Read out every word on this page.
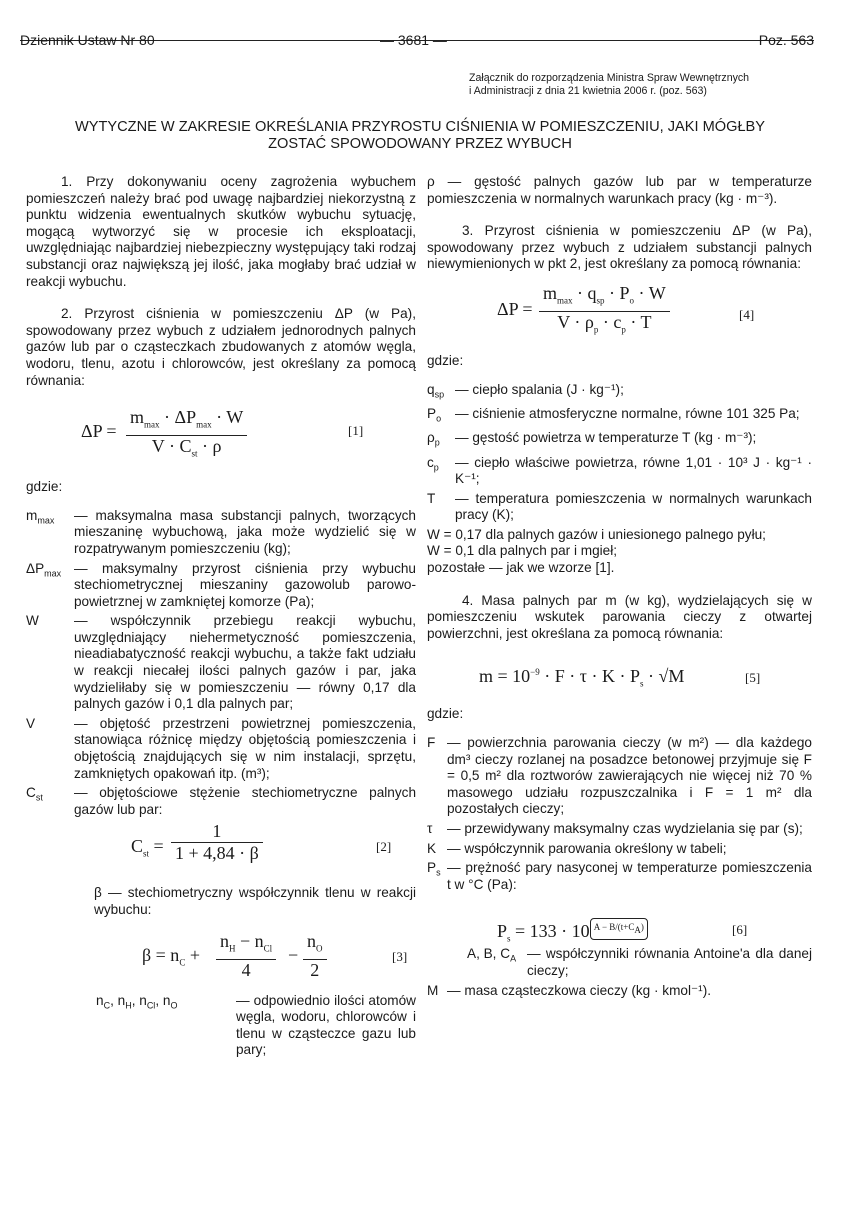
Dziennik Ustaw Nr 80	— 3681 —	Poz. 563
Załącznik do rozporządzenia Ministra Spraw Wewnętrznych
i Administracji z dnia 21 kwietnia 2006 r. (poz. 563)
WYTYCZNE W ZAKRESIE OKREŚLANIA PRZYROSTU CIŚNIENIA W POMIESZCZENIU, JAKI MÓGŁBY
ZOSTAĆ SPOWODOWANY PRZEZ WYBUCH

1. Przy dokonywaniu oceny zagrożenia wybuchem pomieszczeń należy brać pod uwagę najbardziej niekorzystną z punktu widzenia ewentualnych skutków wybuchu sytuację, mogącą wytworzyć się w procesie ich eksploatacji, uwzględniając najbardziej niebezpieczny występujący taki rodzaj substancji oraz największą jej ilość, jaka mogłaby brać udział w reakcji wybuchu.

2. Przyrost ciśnienia w pomieszczeniu ΔP (w Pa), spowodowany przez wybuch z udziałem jednorodnych palnych gazów lub par o cząsteczkach zbudowanych z atomów węgla, wodoru, tlenu, azotu i chlorowców, jest określany za pomocą równania:

ΔP =
$m_{max} \cdot \Delta P_{max} \cdot W$
$V \cdot C_{st} \cdot \rho$
[1]

gdzie:

$m_{max}$	— maksymalna masa substancji palnych, tworzących mieszaninę wybuchową, jaka może wydzielić się w rozpatrywanym pomieszczeniu (kg);
$\Delta P_{max}$ — maksymalny przyrost ciśnienia przy wybuchu stechiometrycznej mieszaniny gazowolub parowo-powietrznej w zamkniętej komorze (Pa);
W	— współczynnik przebiegu reakcji wybuchu, uwzględniający niehermetyczność pomieszczenia, nieadiabatyczność reakcji wybuchu, a także fakt udziału w reakcji niecałej ilości palnych gazów i par, jaka wydzieliłaby się w pomieszczeniu — równy 0,17 dla palnych gazów i 0,1 dla palnych par;
V	— objętość przestrzeni powietrznej pomieszczenia, stanowiąca różnicę między objętością pomieszczenia i objętością znajdujących się w nim instalacji, sprzętu, zamkniętych opakowań itp. (m³);
$C_{st}$	— objętościowe stężenie stechiometryczne palnych gazów lub par:
$C_{st} = \frac{1}{1 + 4,84 \cdot \beta}$	[2]

β — stechiometryczny współczynnik tlenu w reakcji wybuchu:

$\beta = n_C$ +
$n_H - n_{Cl}$
4
− $\frac{n_O}{2}$	[3]
$n_C$, $n_H$, $n_{Cl}$, $n_O$	— odpowiednio ilości atomów węgla, wodoru, chlorowców i tlenu w cząsteczce gazu lub pary;

ρ — gęstość palnych gazów lub par w temperaturze pomieszczenia w normalnych warunkach pracy (kg · m⁻³).

3. Przyrost ciśnienia w pomieszczeniu ΔP (w Pa), spowodowany przez wybuch z udziałem substancji palnych niewymienionych w pkt 2, jest określany za pomocą równania:

ΔP =
$m_{max} \cdot q_{sp} \cdot P_o \cdot W$
$V \cdot \rho_p \cdot c_p \cdot T$	[4]

gdzie:

$q_{sp}$ — ciepło spalania (J · kg⁻¹);
$P_o$	— ciśnienie atmosferyczne normalne, równe 101 325 Pa;
$\rho_p$	— gęstość powietrza w temperaturze T (kg · m⁻³);
$c_p$	— ciepło właściwe powietrza, równe 1,01 · 10³ J · kg⁻¹ · K⁻¹;
T	— temperatura pomieszczenia w normalnych warunkach pracy (K);

W = 0,17 dla palnych gazów i uniesionego palnego pyłu;

W = 0,1 dla palnych par i mgieł;

pozostałe — jak we wzorze [1].

4. Masa palnych par m (w kg), wydzielających się w pomieszczeniu wskutek parowania cieczy z otwartej powierzchni, jest określana za pomocą równania:

$m = 10^{-9} \cdot F \cdot \tau \cdot K \cdot P_s \cdot √M$	[5]

gdzie:

F — powierzchnia parowania cieczy (w m²) — dla każdego dm³ cieczy rozlanej na posadzce betonowej przyjmuje się F = 0,5 m² dla roztworów zawierających nie więcej niż 70 % masowego udziału rozpuszczalnika i F = 1 m² dla pozostałych cieczy;
τ	— przewidywany maksymalny czas wydzielania się par (s);
K — współczynnik parowania określony w tabeli;
$P_s$ — prężność pary nasyconej w temperaturze pomieszczenia t w °C (Pa):
$P_s = 133 \cdot 10$ $A - B/(t+C_A)$	[6]
A, B, $C_A$ — współczynniki równania Antoine'a dla danej cieczy;
M — masa cząsteczkowa cieczy (kg · kmol⁻¹).
